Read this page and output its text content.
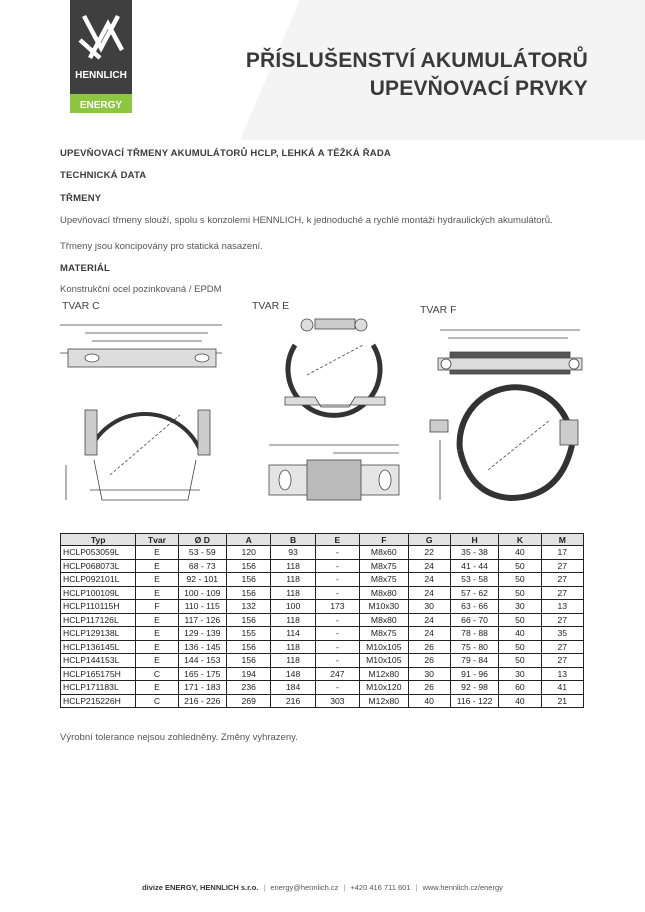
HENNLICH
ENERGY
PŘÍSLUŠENSTVÍ AKUMULÁTORŮ
UPEVŇOVACÍ PRVKY
UPEVŇOVACÍ TŘMENY AKUMULÁTORŮ HCLP, LEHKÁ A TĚŽKÁ ŘADA
TECHNICKÁ DATA
TŘMENY
Upevňovací třmeny slouží, spolu s konzolemi HENNLICH, k jednoduché a rychlé montáži hydraulických akumulátorů.
Třmeny jsou koncipovány pro statická nasazení.
MATERIÁL
Konstrukční ocel pozinkovaná / EPDM
TVAR C	TVAR E	TVAR F
Typ	Tvar	Ø D	A	B	E	F	G	H	K	M
HCLP053059L	E	53 - 59	120	93	-	M8x60	22	35 - 38	40	17
HCLP068073L	E	68 - 73	156	118	-	M8x75	24	41 - 44	50	27
HCLP092101L	E	92 - 101	156	118	-	M8x75	24	53 - 58	50	27
HCLP100109L	E	100 - 109	156	118	-	M8x80	24	57 - 62	50	27
HCLP110115H	F	110 - 115	132	100	173	M10x30	30	63 - 66	30	13
HCLP117126L	E	117 - 126	156	118	-	M8x80	24	66 - 70	50	27
HCLP129138L	E	129 - 139	155	114	-	M8x75	24	78 - 88	40	35
HCLP136145L	E	136 - 145	156	118	-	M10x105	26	75 - 80	50	27
HCLP144153L	E	144 - 153	156	118	-	M10x105	26	79 - 84	50	27
HCLP165175H	C	165 - 175	194	148	247	M12x80	30	91 - 96	30	13
HCLP171183L	E	171 - 183	236	184	-	M10x120	26	92 - 98	60	41
HCLP215226H	C	216 - 226	269	216	303	M12x80	40	116 - 122	40	21
Výrobní tolerance nejsou zohledněny. Změny vyhrazeny.
divize ENERGY, HENNLICH s.r.o. | energy@hennlich.cz | +420 416 711 601 | www.hennlich.cz/energy
